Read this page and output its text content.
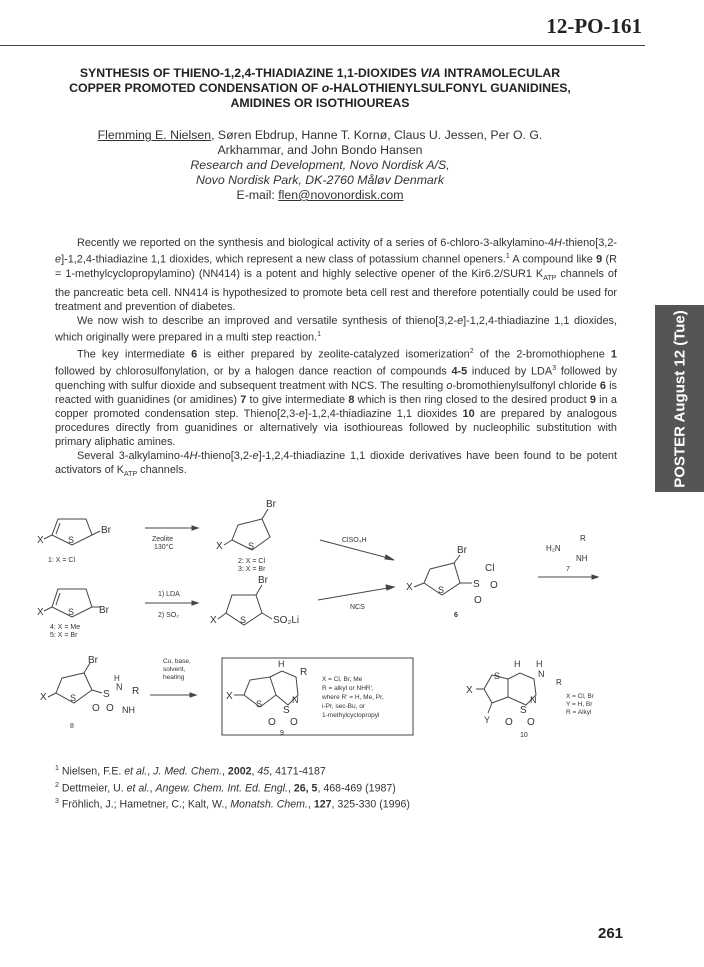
12-PO-161
SYNTHESIS OF THIENO-1,2,4-THIADIAZINE 1,1-DIOXIDES VIA INTRAMOLECULAR
COPPER PROMOTED CONDENSATION OF o-HALOTHIENYLSULFONYL GUANIDINES,
AMIDINES OR ISOTHIOUREAS
Flemming E. Nielsen, Søren Ebdrup, Hanne T. Kornø, Claus U. Jessen, Per O. G.
Arkhammar, and John Bondo Hansen
Research and Development, Novo Nordisk A/S,
Novo Nordisk Park, DK-2760 Måløv Denmark
E-mail: flen@novonordisk.com

Recently we reported on the synthesis and biological activity of a series of 6-chloro-3-alkylamino-4H-thieno[3,2-e]-1,2,4-thiadiazine 1,1 dioxides, which represent a new class of potassium channel openers.$^1$ A compound like 9 (R = 1-methylcyclopropylamino) (NN414) is a potent and highly selective opener of the Kir6.2/SUR1 $K_{ATP}$ channels of the pancreatic beta cell. NN414 is hypothesized to promote beta cell rest and therefore potentially could be used for treatment and prevention of diabetes.

We now wish to describe an improved and versatile synthesis of thieno[3,2-e]-1,2,4-thiadiazine 1,1 dioxides, which originally were prepared in a multi step reaction.$^1$

The key intermediate 6 is either prepared by zeolite-catalyzed isomerization$^2$ of the 2-bromothiophene 1 followed by chlorosulfonylation, or by a halogen dance reaction of compounds 4-5 induced by LDA$^3$ followed by quenching with sulfur dioxide and subsequent treatment with NCS. The resulting o-bromothienylsulfonyl chloride 6 is reacted with guanidines (or amidines) 7 to give intermediate 8 which is then ring closed to the desired product 9 in a copper promoted condensation step. Thieno[2,3-e]-1,2,4-thiadiazine 1,1 dioxides 10 are prepared by analogous procedures directly from guanidines or alternatively via isothioureas followed by nucleophilic substitution with primary aliphatic amines.

Several 3-alkylamino-4H-thieno[3,2-e]-1,2,4-thiadiazine 1,1 dioxide derivatives have been found to be potent activators of $K_{ATP}$ channels.	POSTER August 12 (Tue)
X	S
Br
1: X = Cl
Zeolite
130°C	X	S
Br
2: X = Cl
3: X = Br
ClSO₃H
X	S Br
4: X = Me
5: X = Br
1) LDA
2) SO₂	X	S
Br
SO₂Li
NCS
X	S
Br
S
Cl
O
O
6
H₂N
R
NH
7
X	S
Br
S
N
H
R
O O NH
8
Cu, base,
solvent,
heating
X
S
H
R
N
S
O O
9
X = Cl, Br, Me
R = alkyl or NHR',
where R' = H, Me, Pr,
i-Pr, sec-Bu, or
1-methylcyclopropyl
X
Y
S
H H
N
R
N
S
O O
10
X = Cl, Br
Y = H, Br
R = Alkyl
$^1$ Nielsen, F.E. et al., J. Med. Chem., 2002, 45, 4171-4187
$^2$ Dettmeier, U. et al., Angew. Chem. Int. Ed. Engl., 26, 5, 468-469 (1987)
$^3$ Fröhlich, J.; Hametner, C.; Kalt, W., Monatsh. Chem., 127, 325-330 (1996)
261
